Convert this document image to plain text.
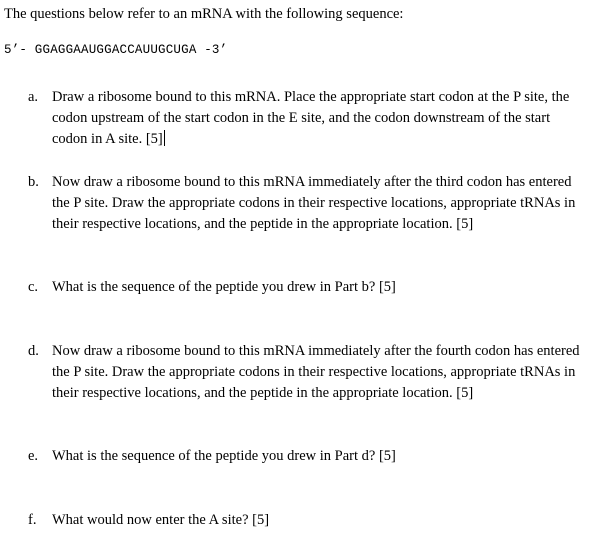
The questions below refer to an mRNA with the following sequence:

5’- GGAGGAAUGGACCAUUGCUGA -3’

a. Draw a ribosome bound to this mRNA. Place the appropriate start codon at the P site, the codon upstream of the start codon in the E site, and the codon downstream of the start codon in A site. [5]
b. Now draw a ribosome bound to this mRNA immediately after the third codon has entered the P site. Draw the appropriate codons in their respective locations, appropriate tRNAs in their respective locations, and the peptide in the appropriate location. [5]
c. What is the sequence of the peptide you drew in Part b? [5]
d. Now draw a ribosome bound to this mRNA immediately after the fourth codon has entered the P site. Draw the appropriate codons in their respective locations, appropriate tRNAs in their respective locations, and the peptide in the appropriate location. [5]
e. What is the sequence of the peptide you drew in Part d? [5]
f.	What would now enter the A site? [5]
